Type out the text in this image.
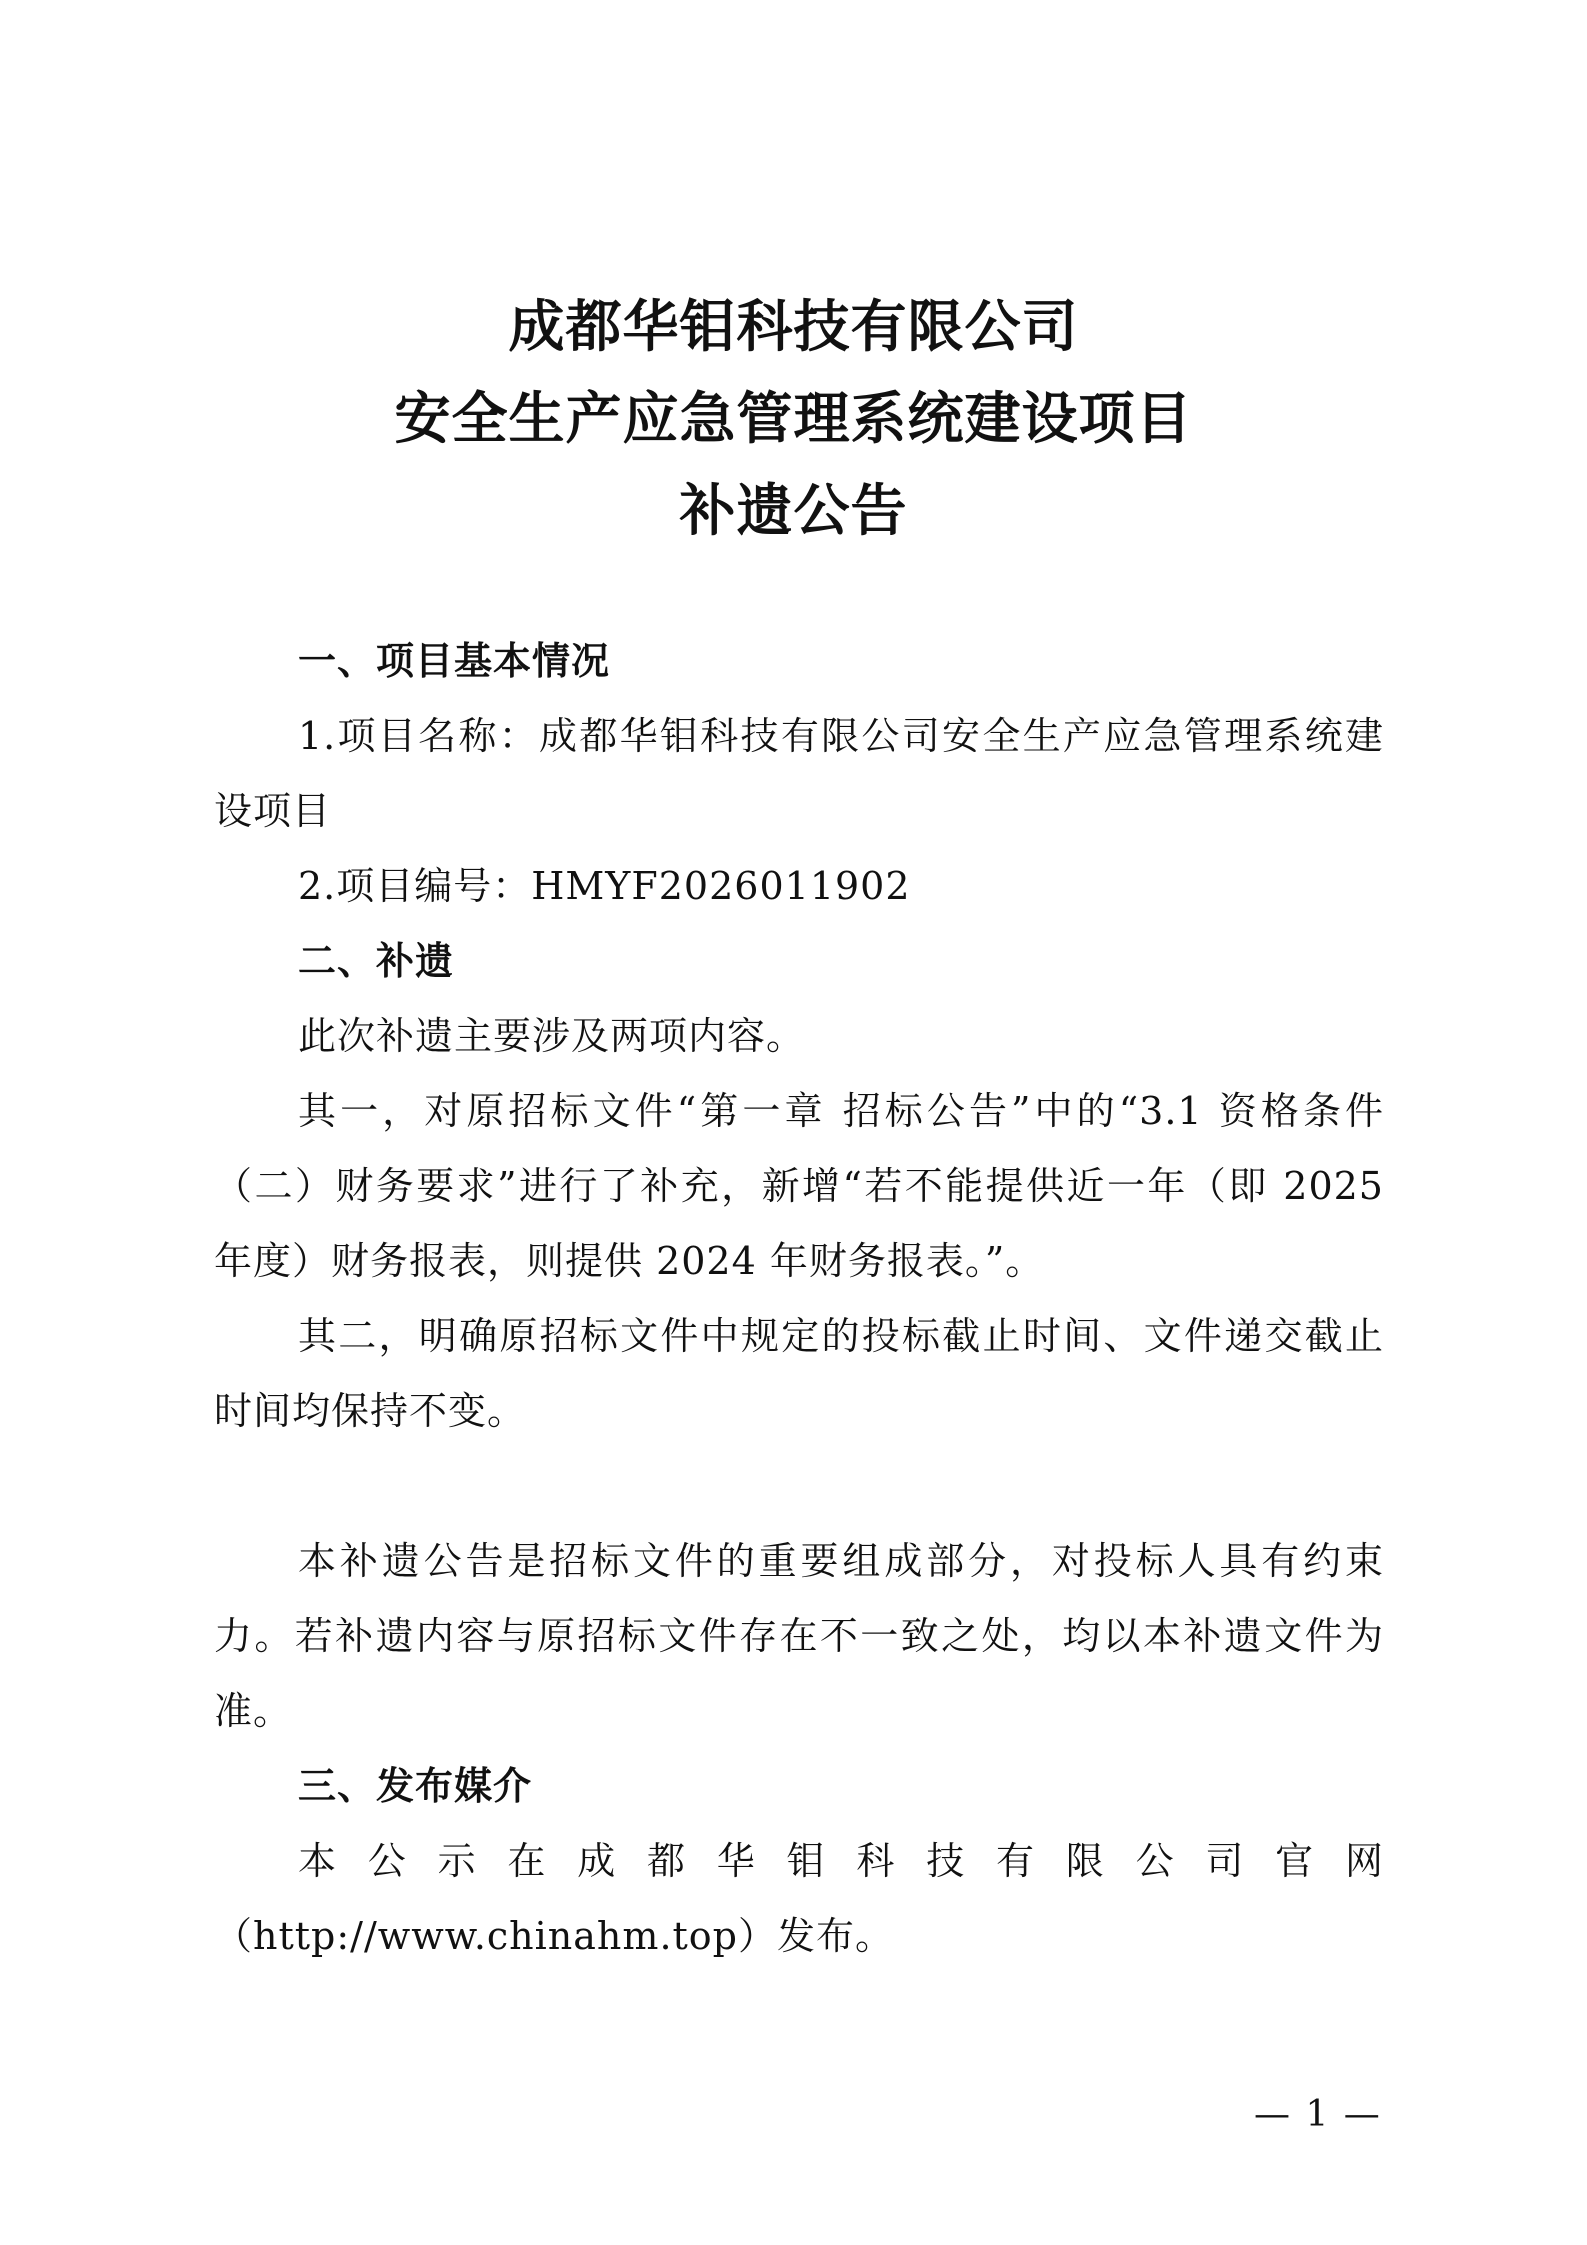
成都华钼科技有限公司
安全生产应急管理系统建设项目
补遗公告

一、项目基本情况

1.项目名称：成都华钼科技有限公司安全生产应急管理系统建设项目

2.项目编号：HMYF2026011902

二、补遗

此次补遗主要涉及两项内容。

其一，对原招标文件“第一章 招标公告”中的“3.1 资格条件（二）财务要求”进行了补充，新增“若不能提供近一年（即 2025 年度）财务报表，则提供 2024 年财务报表。”。

其二，明确原招标文件中规定的投标截止时间、文件递交截止时间均保持不变。

本补遗公告是招标文件的重要组成部分，对投标人具有约束力。若补遗内容与原招标文件存在不一致之处，均以本补遗文件为准。

三、发布媒介

本公示在成都华钼科技有限公司官网（http://www.chinahm.top）发布。

— 1 —
